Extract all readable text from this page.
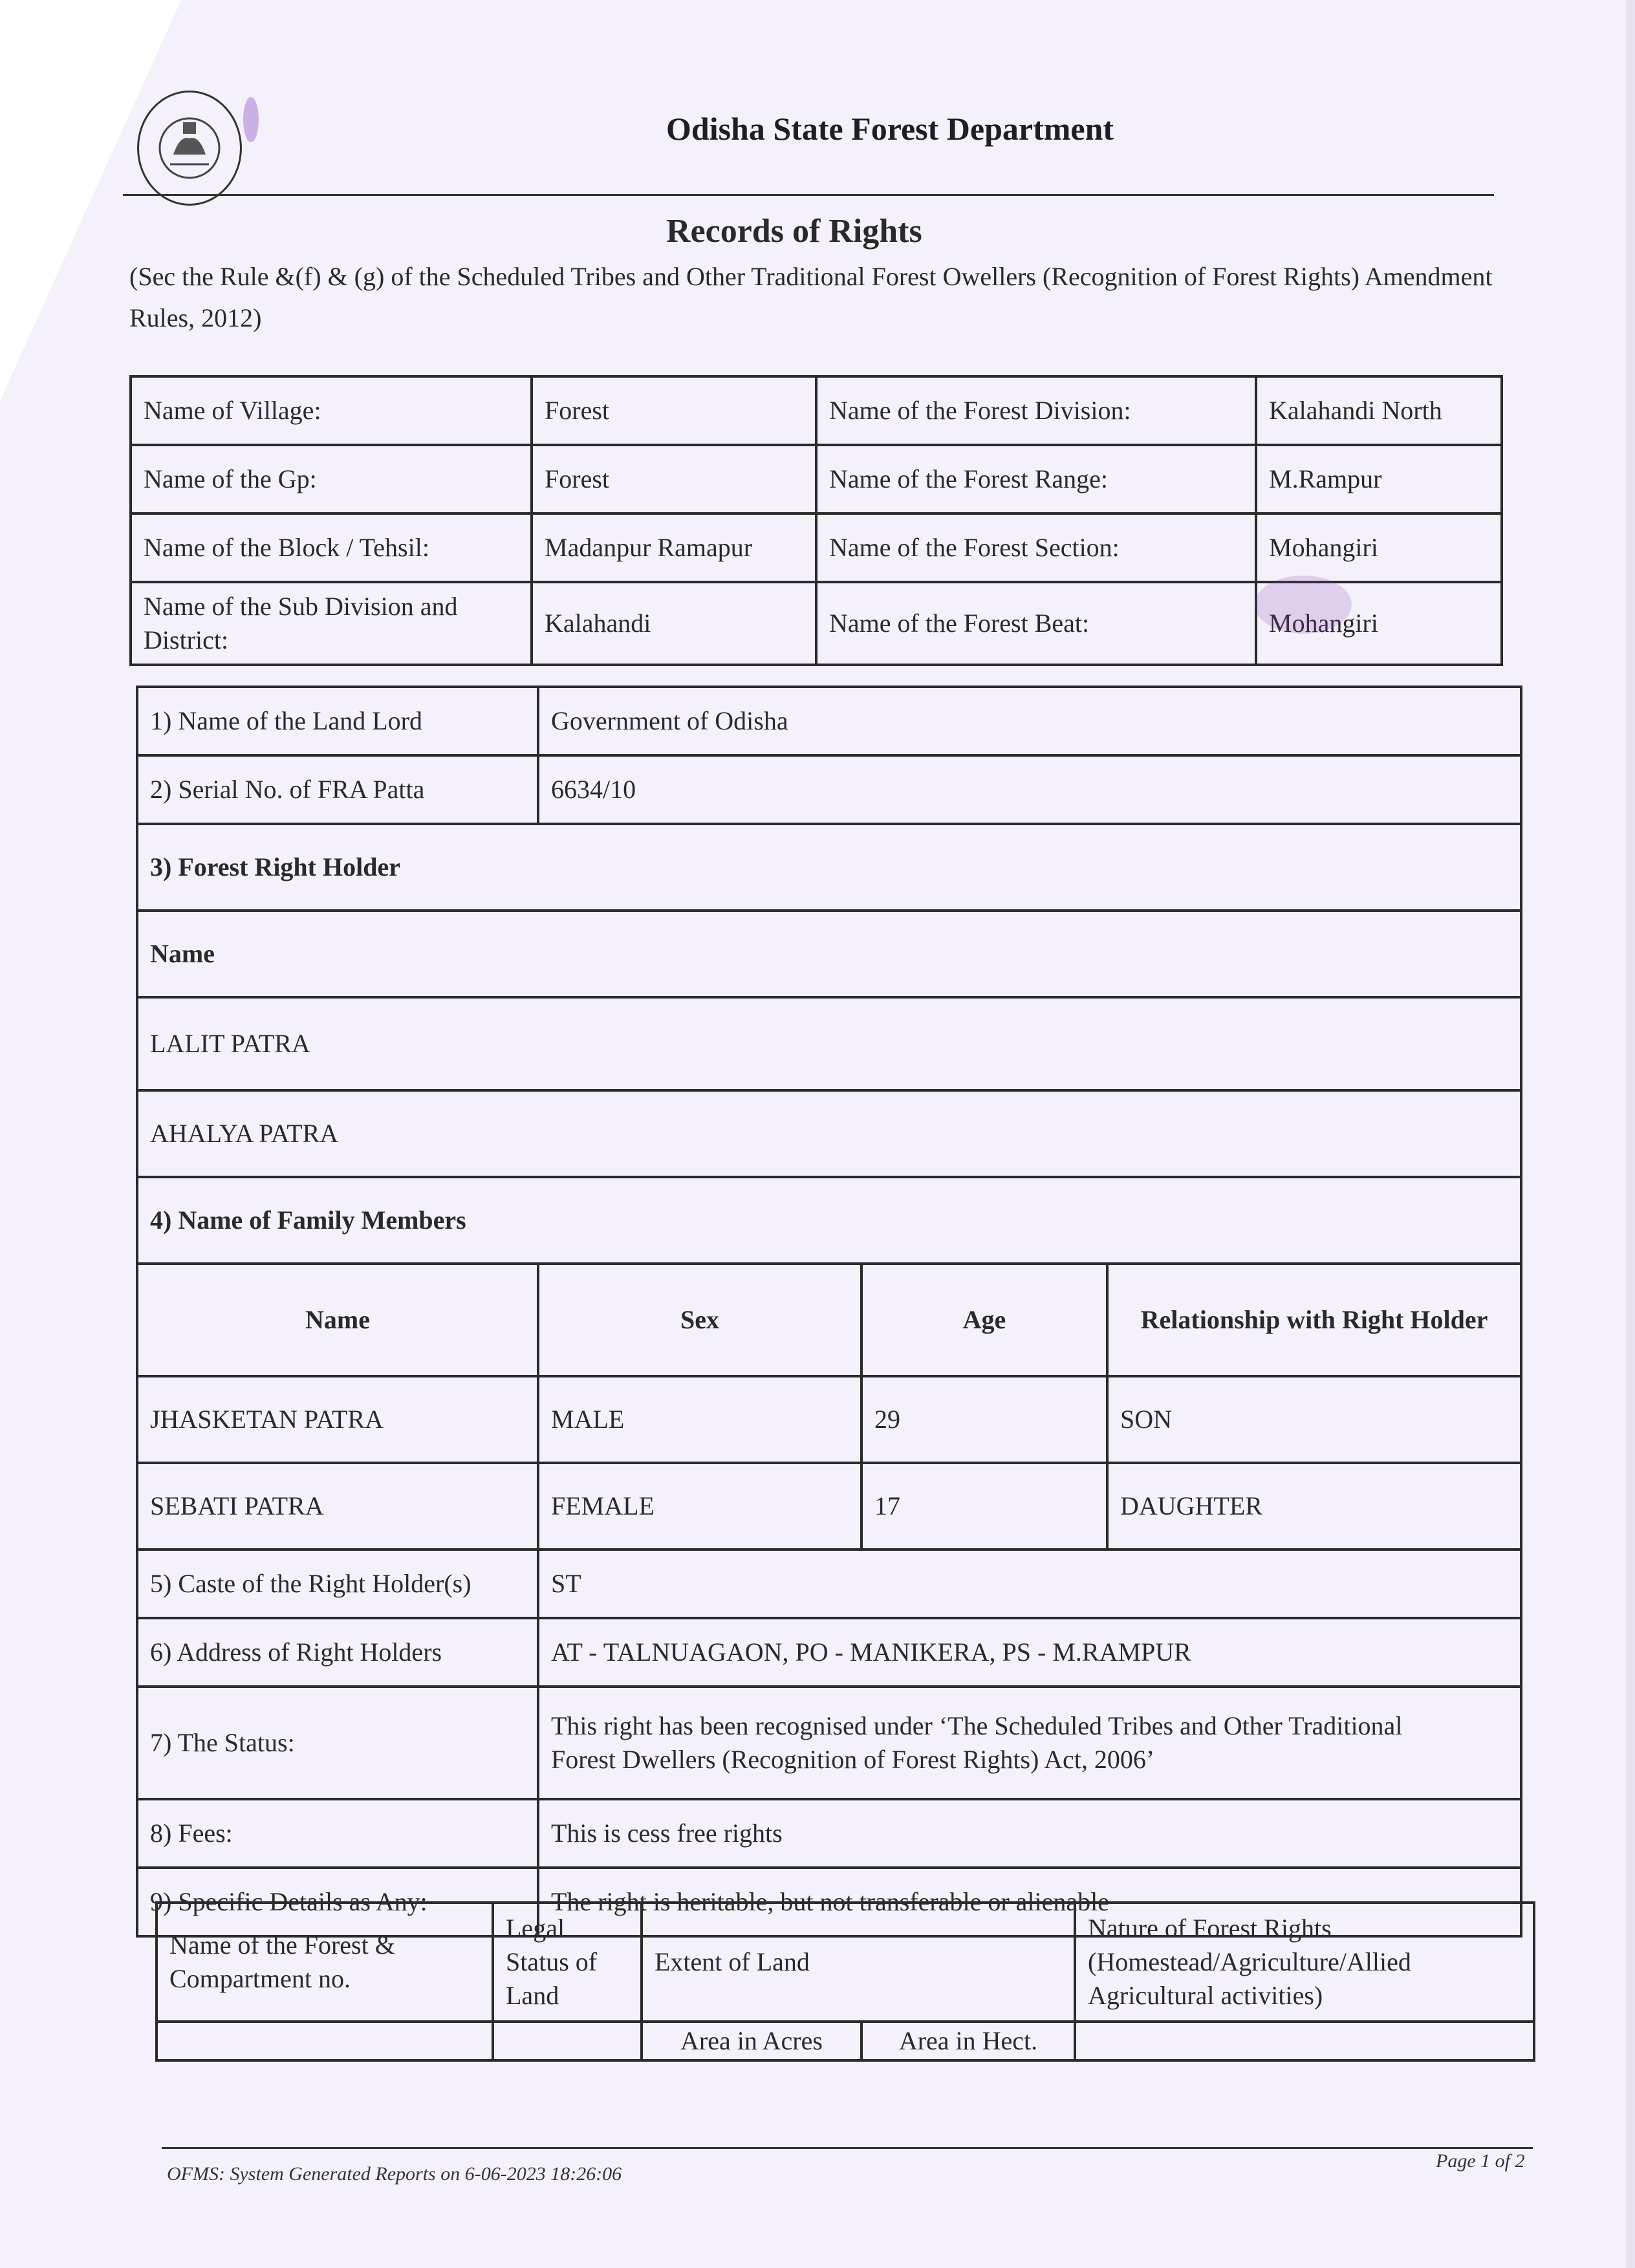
Odisha State Forest Department
Records of Rights
(Sec the Rule &(f) & (g) of the Scheduled Tribes and Other Traditional Forest Owellers (Recognition of Forest Rights) Amendment Rules, 2012)
Name of Village:	Forest	Name of the Forest Division:	Kalahandi North
Name of the Gp:	Forest	Name of the Forest Range:	M.Rampur
Name of the Block / Tehsil:	Madanpur Ramapur	Name of the Forest Section:	Mohangiri
Name of the Sub Division and District:	Kalahandi	Name of the Forest Beat:	Mohangiri
1) Name of the Land Lord	Government of Odisha		
2) Serial No. of FRA Patta	6634/10		
3) Forest Right Holder			
Name			
LALIT PATRA			
AHALYA PATRA			
4) Name of Family Members			
Name	Sex	Age	Relationship with Right Holder
JHASKETAN PATRA	MALE	29	SON
SEBATI PATRA	FEMALE	17	DAUGHTER
5) Caste of the Right Holder(s)	ST		
6) Address of Right Holders	AT - TALNUAGAON, PO - MANIKERA, PS - M.RAMPUR		
7) The Status:	This right has been recognised under ‘The Scheduled Tribes and Other Traditional
Forest Dwellers (Recognition of Forest Rights) Act, 2006’		

8) Fees:	This is cess free rights		
9) Specific Details as Any:	The right is heritable, but not transferable or alienable		
Name of the Forest & Compartment no.	Legal Status of Land	Extent of Land		Nature of Forest Rights (Homestead/Agriculture/Allied Agricultural activities)
		Area in Acres	Area in Hect.	
OFMS: System Generated Reports on 6-06-2023 18:26:06
Page 1 of 2
